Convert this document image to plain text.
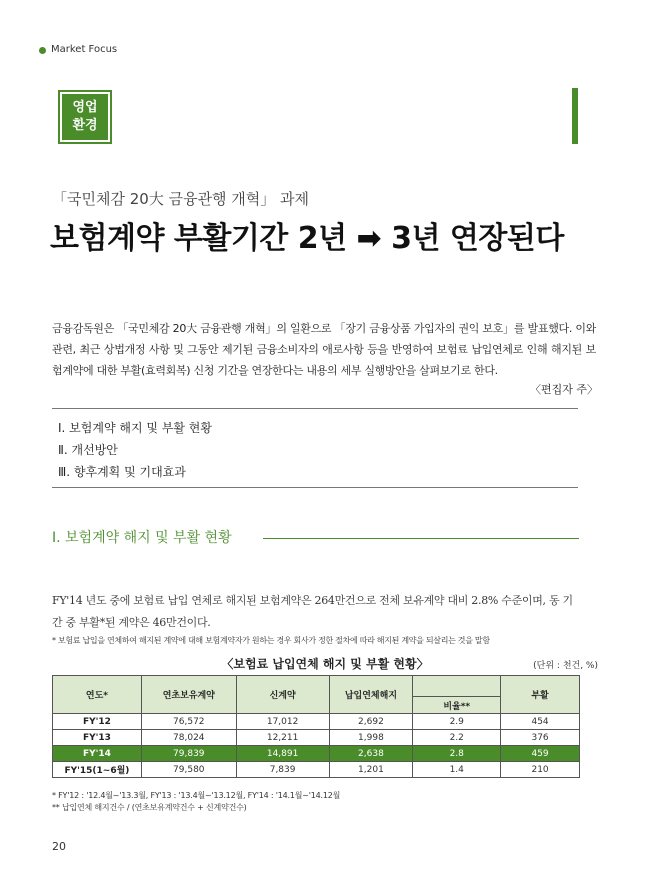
Market Focus
영업
환경
「국민체감 20大 금융관행 개혁」 과제
보험계약 부활기간 2년 ➡ 3년 연장된다
금융감독원은 「국민체감 20大 금융관행 개혁」의 일환으로 「장기 금융상품 가입자의 권익 보호」를 발표했다. 이와 관련, 최근 상법개정 사항 및 그동안 제기된 금융소비자의 애로사항 등을 반영하여 보험료 납입연체로 인해 해지된 보험계약에 대한 부활(효력회복) 신청 기간을 연장한다는 내용의 세부 실행방안을 살펴보기로 한다.
〈편집자 주〉
Ⅰ. 보험계약 해지 및 부활 현황
Ⅱ. 개선방안
Ⅲ. 향후계획 및 기대효과
Ⅰ. 보험계약 해지 및 부활 현황
FY'14 년도 중에 보험료 납입 연체로 해지된 보험계약은 264만건으로 전체 보유계약 대비 2.8% 수준이며, 동 기간 중 부활*된 계약은 46만건이다.
* 보험료 납입을 연체하여 해지된 계약에 대해 보험계약자가 원하는 경우 회사가 정한 절차에 따라 해지된 계약을 되살리는 것을 말함
〈보험료 납입연체 해지 및 부활 현황〉	(단위 : 천건, %)
연도*	연초보유계약	신계약	납입연체해지		부활
				비율**	
FY'12	76,572	17,012	2,692	2.9	454
FY'13	78,024	12,211	1,998	2.2	376
FY'14	79,839	14,891	2,638	2.8	459
FY'15(1~6월)	79,580	7,839	1,201	1.4	210
* FY'12 : '12.4월~'13.3월, FY'13 : '13.4월~'13.12월, FY'14 : '14.1월~'14.12월
** 납입연체 해지건수 / (연초보유계약건수 + 신계약건수)
20
